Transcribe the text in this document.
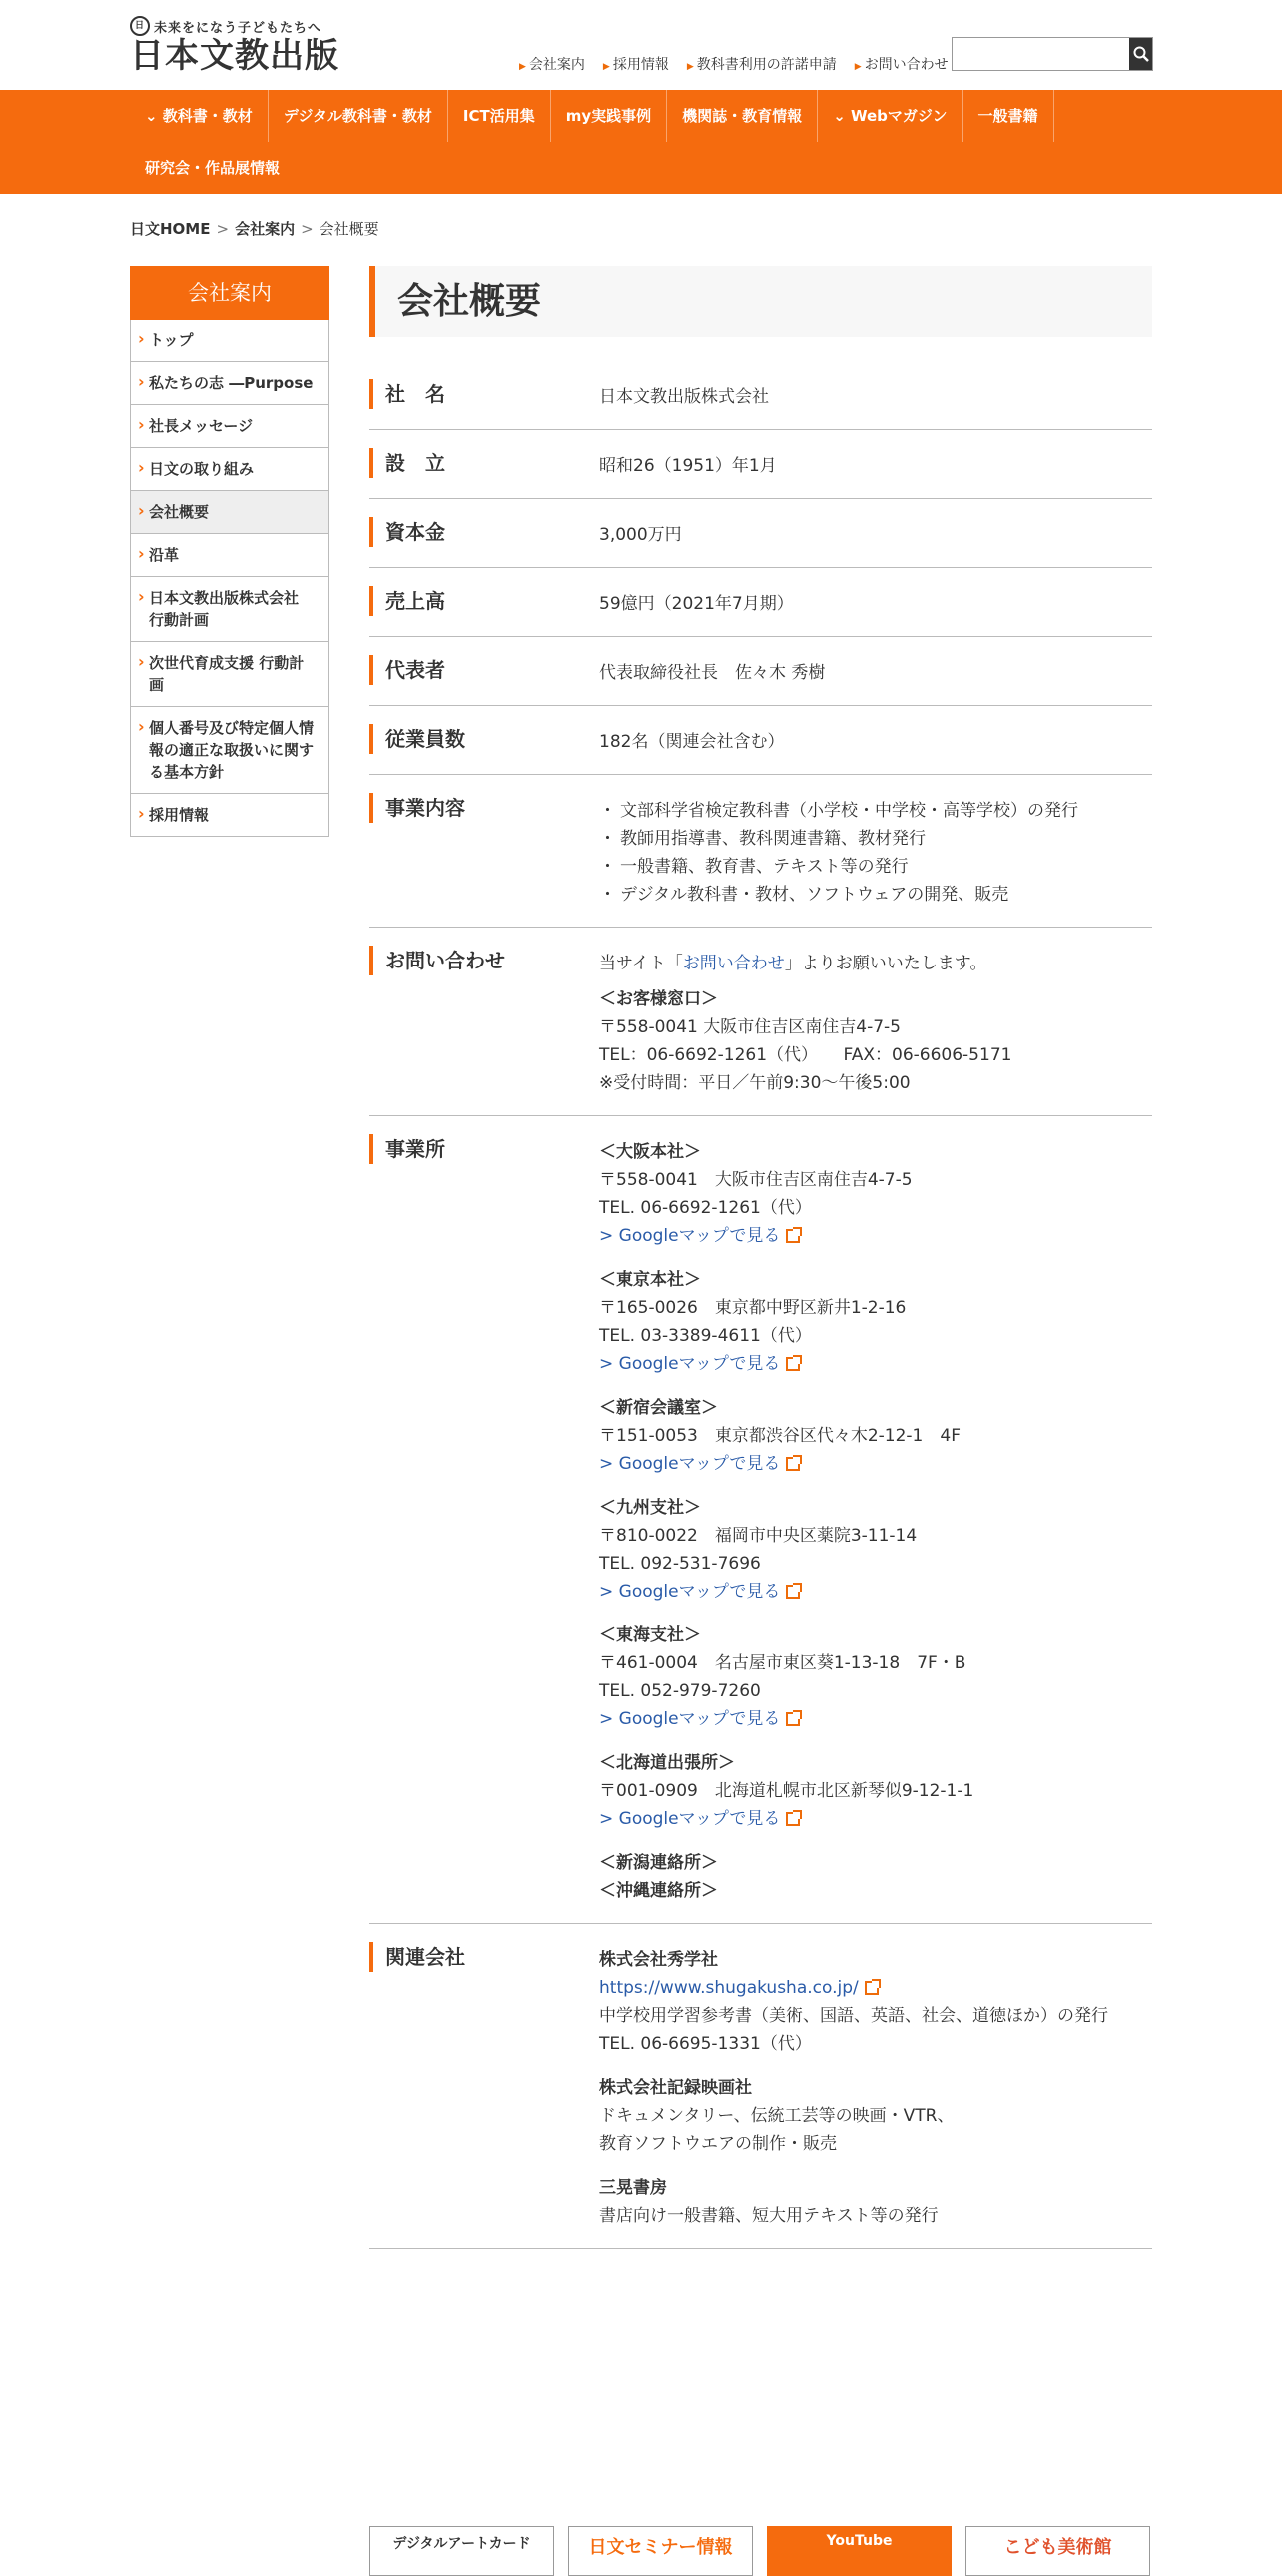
日 未来をになう子どもたちへ
日本文教出版	▶ 会社案内 ▶ 採用情報 ▶ 教科書利用の許諾申請 ▶ お問い合わせ
⌄ 教科書・教材	デジタル教科書・教材	ICT活用集	my実践事例	機関誌・教育情報	⌄ Webマガジン	一般書籍
研究会・作品展情報
日文HOME > 会社案内 > 会社概要
会社案内
› トップ
› 私たちの志 ―Purpose
› 社長メッセージ
› 日文の取り組み
› 会社概要
› 沿革
› 日本文教出版株式会社 行動計画
› 次世代育成支援 行動計画
› 個人番号及び特定個人情報の適正な取扱いに関する基本方針
› 採用情報
会社概要
社　名	日本文教出版株式会社
設　立	昭和26（1951）年1月
資本金	3,000万円
売上高	59億円（2021年7月期）
代表者	代表取締役社長　佐々木 秀樹
従業員数	182名（関連会社含む）
事業内容
・	文部科学省検定教科書（小学校・中学校・高等学校）の発行
・ 教師用指導書、教科関連書籍、教材発行
・ 一般書籍、教育書、テキスト等の発行
・ デジタル教科書・教材、ソフトウェアの開発、販売
お問い合わせ	当サイト「お問い合わせ」よりお願いいたします。
＜お客様窓口＞
〒558-0041 大阪市住吉区南住吉4-7-5
TEL：06-6692-1261（代）　　FAX：06-6606-5171
※受付時間：平日／午前9:30～午後5:00
事業所	＜大阪本社＞
〒558-0041　大阪市住吉区南住吉4-7-5
TEL. 06-6692-1261（代）
> Googleマップで見る
＜東京本社＞
〒165-0026　東京都中野区新井1-2-16
TEL. 03-3389-4611（代）
> Googleマップで見る
＜新宿会議室＞
〒151-0053　東京都渋谷区代々木2-12-1　4F
> Googleマップで見る
＜九州支社＞
〒810-0022　福岡市中央区薬院3-11-14
TEL. 092-531-7696
> Googleマップで見る
＜東海支社＞
〒461-0004　名古屋市東区葵1-13-18　7F・B
TEL. 052-979-7260
> Googleマップで見る
＜北海道出張所＞
〒001-0909　北海道札幌市北区新琴似9-12-1-1
> Googleマップで見る
＜新潟連絡所＞
＜沖縄連絡所＞
関連会社	株式会社秀学社
https://www.shugakusha.co.jp/
中学校用学習参考書（美術、国語、英語、社会、道徳ほか）の発行
TEL. 06-6695-1331（代）
株式会社記録映画社
ドキュメンタリー、伝統工芸等の映画・VTR、
教育ソフトウエアの制作・販売
三晃書房
書店向け一般書籍、短大用テキスト等の発行
デジタルアートカード	日文セミナー情報	YouTube	こども美術館
